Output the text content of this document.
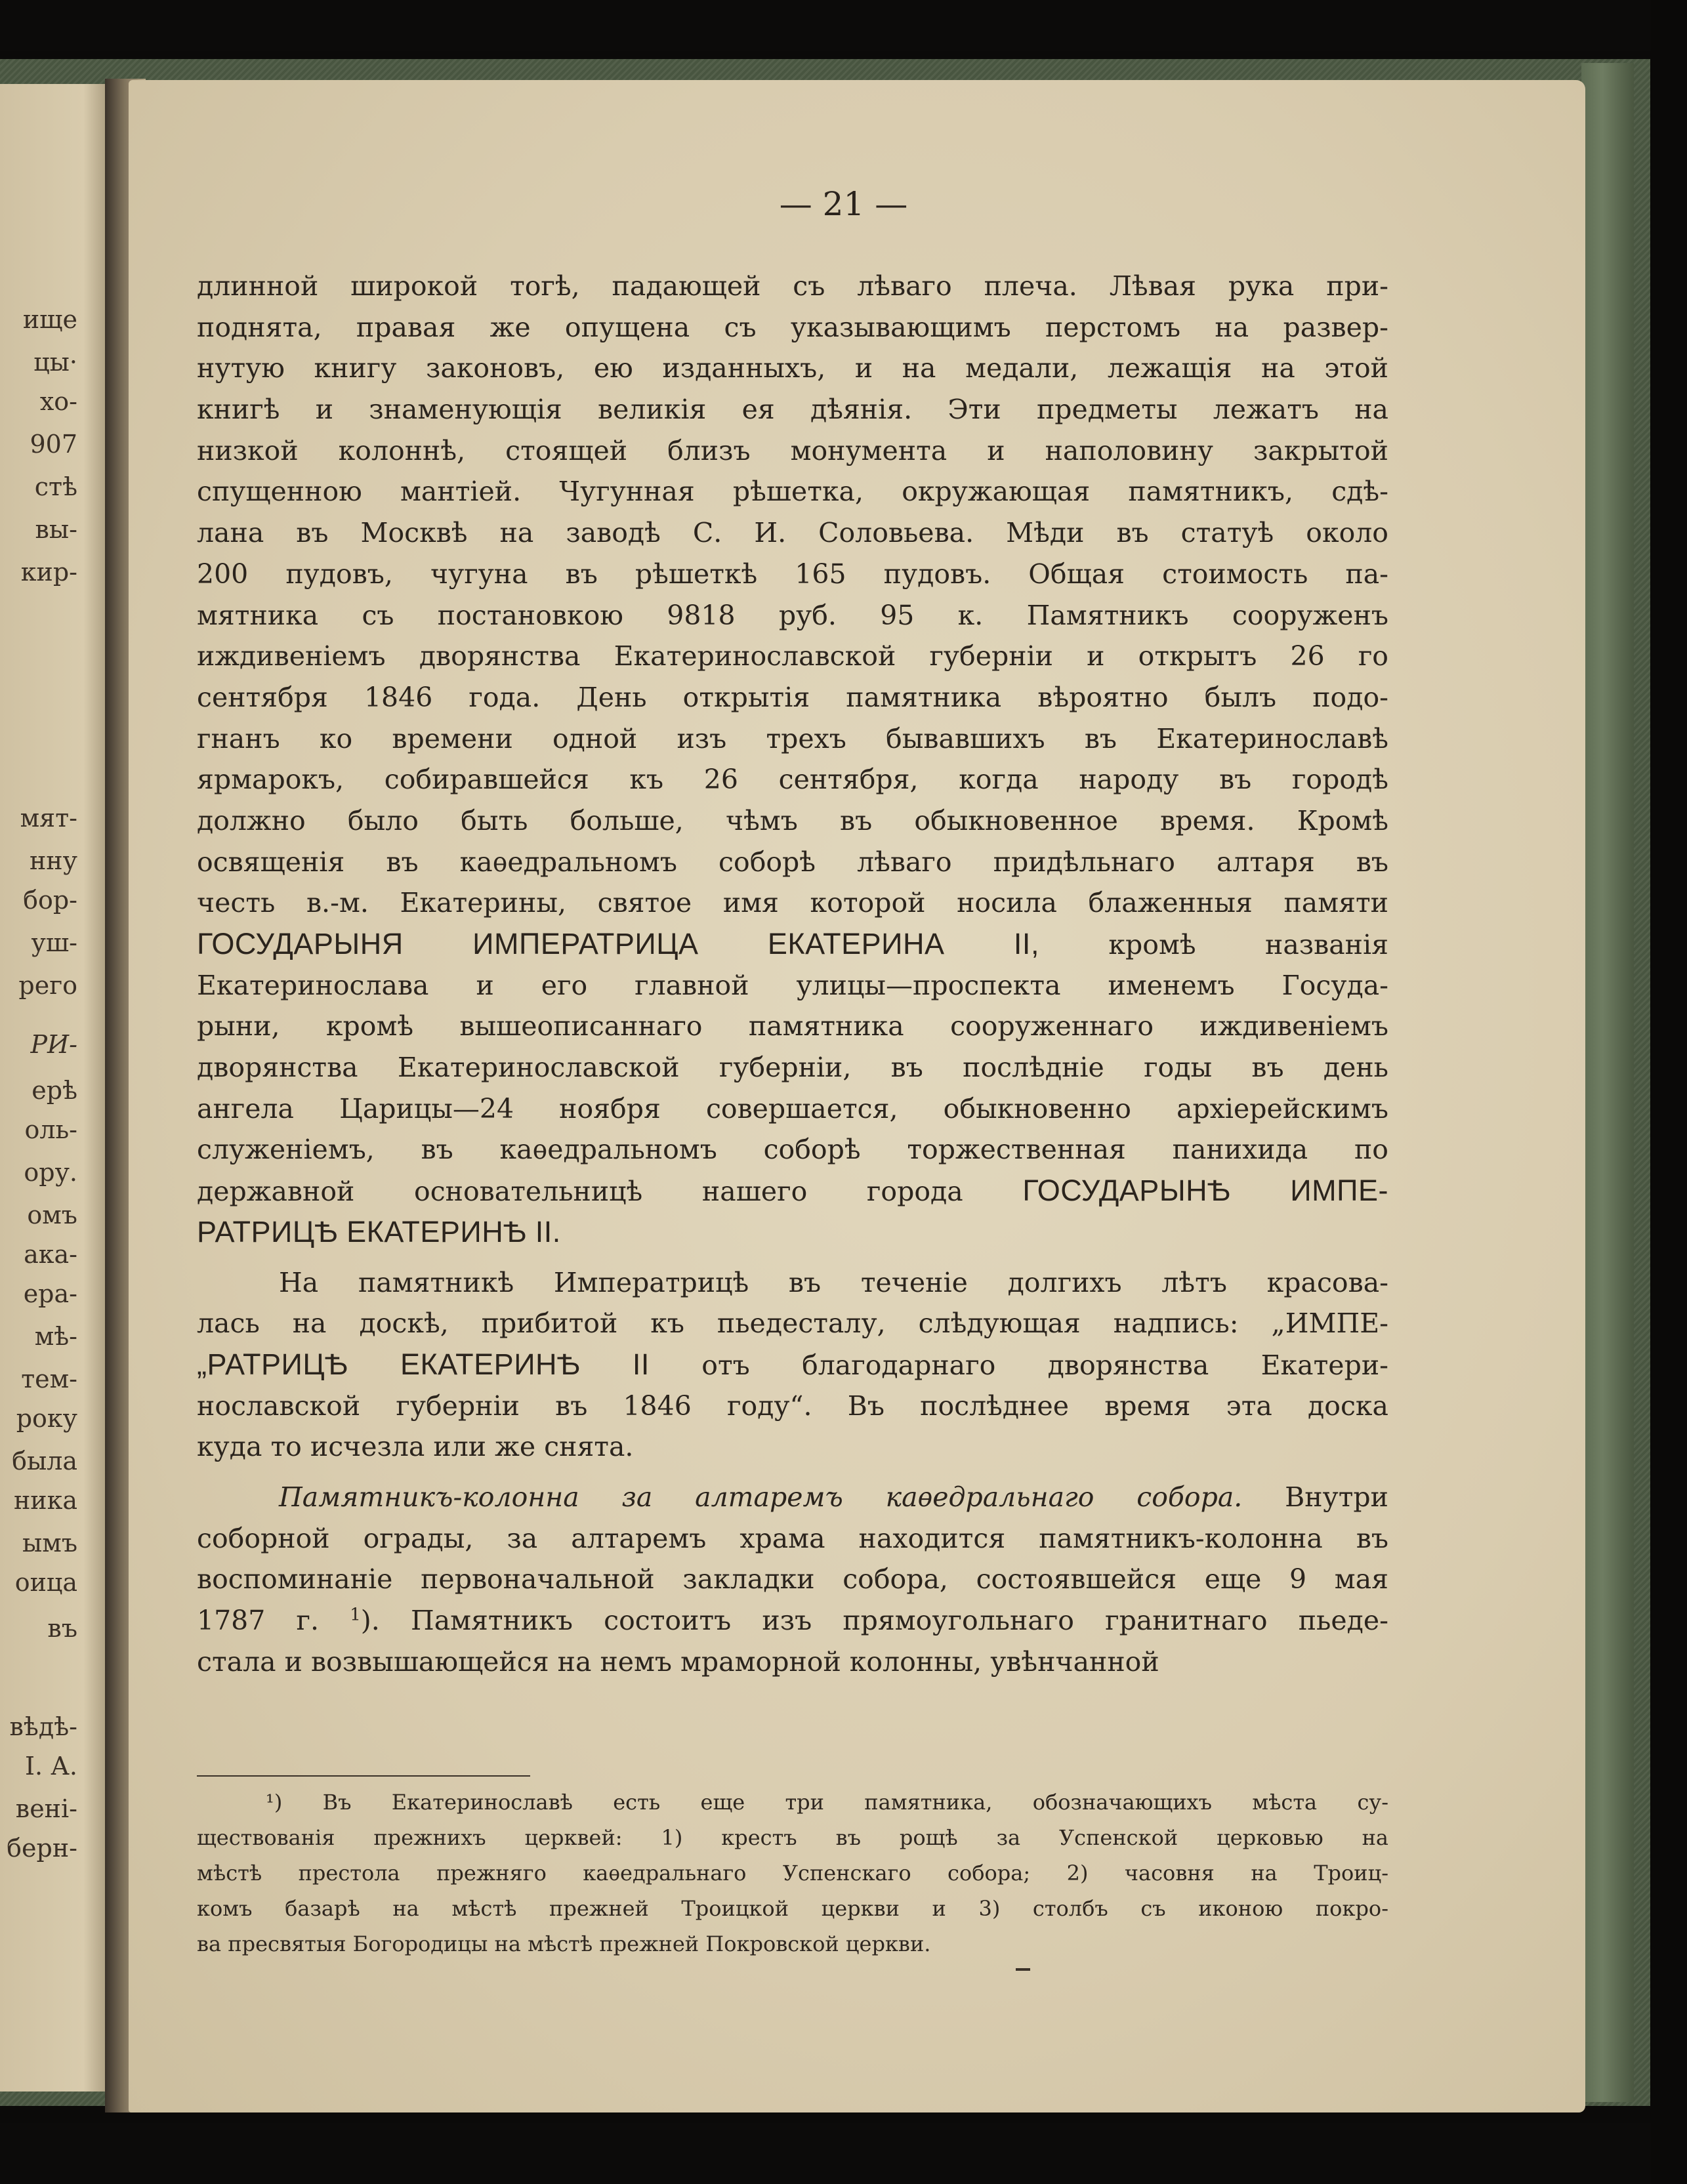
ище
цы·
хо-
907
стѣ
вы-
кир-
мят-
нну
бор-
уш-
рего
РИ-
ерѣ
оль-
ору.
омъ
ака-
ера-
мѣ-
тем-
року
была
ника
ымъ
оица
въ
вѣдѣ-
I. А.
вені-
берн-
— 21 —
длинной широкой тогѣ, падающей съ лѣваго плеча. Лѣвая рука при-
поднята, правая же опущена съ указывающимъ перстомъ на развер-
нутую книгу законовъ, ею изданныхъ, и на медали, лежащія на этой
книгѣ и знаменующія великія ея дѣянія. Эти предметы лежатъ на
низкой колоннѣ, стоящей близъ монумента и наполовину закрытой
спущенною мантіей. Чугунная рѣшетка, окружающая памятникъ, сдѣ-
лана въ Москвѣ на заводѣ С. И. Соловьева. Мѣди въ статуѣ около
200 пудовъ, чугуна въ рѣшеткѣ 165 пудовъ. Общая стоимость па-
мятника съ постановкою 9818 руб. 95 к. Памятникъ сооруженъ
иждивеніемъ дворянства Екатеринославской губерніи и открытъ 26 го
сентября 1846 года. День открытія памятника вѣроятно былъ подо-
гнанъ ко времени одной изъ трехъ бывавшихъ въ Екатеринославѣ
ярмарокъ, собиравшейся къ 26 сентября, когда народу въ городѣ
должно было быть больше, чѣмъ въ обыкновенное время. Кромѣ
освященія въ каѳедральномъ соборѣ лѣваго придѣльнаго алтаря въ
честь в.-м. Екатерины, святое имя которой носила блаженныя памяти
ГОСУДАРЫНЯ ИМПЕРАТРИЦА ЕКАТЕРИНА II,	кромѣ названія
Екатеринослава и его главной улицы—проспекта именемъ Госуда-
рыни, кромѣ вышеописаннаго памятника сооруженнаго иждивеніемъ
дворянства Екатеринославской губерніи, въ послѣдніе годы въ день
ангела Царицы—24 ноября совершается, обыкновенно архіерейскимъ
служеніемъ, въ каѳедральномъ соборѣ торжественная панихида по
державной основательницѣ нашего города ГОСУДАРЫНѢ ИМПЕ-
РАТРИЦѢ ЕКАТЕРИНѢ II.
На памятникѣ Императрицѣ въ теченіе долгихъ лѣтъ красова-
лась на доскѣ, прибитой къ пьедесталу, слѣдующая надпись: „ИМПЕ-
„РАТРИЦѢ ЕКАТЕРИНѢ II отъ благодарнаго дворянства Екатери-
нославской губерніи въ 1846 году“. Въ послѣднее время эта доска
куда то исчезла или же снята.
Памятникъ-колонна за алтаремъ каѳедральнаго собора. Внутри
соборной ограды, за алтаремъ храма находится памятникъ-колонна въ
воспоминаніе первоначальной закладки собора, состоявшейся еще 9 мая
1787 г. $^1$). Памятникъ состоитъ изъ прямоугольнаго гранитнаго пьеде-
стала и возвышающейся на немъ мраморной колонны, увѣнчанной
¹) Въ Екатеринославѣ есть еще три памятника, обозначающихъ мѣста су-
ществованія прежнихъ церквей: 1) крестъ въ рощѣ за Успенской церковью на
мѣстѣ престола прежняго каѳедральнаго Успенскаго собора; 2) часовня на Троиц-
комъ базарѣ на мѣстѣ прежней Троицкой церкви и 3) столбъ съ иконою покро-
ва пресвятыя Богородицы на мѣстѣ прежней Покровской церкви.
